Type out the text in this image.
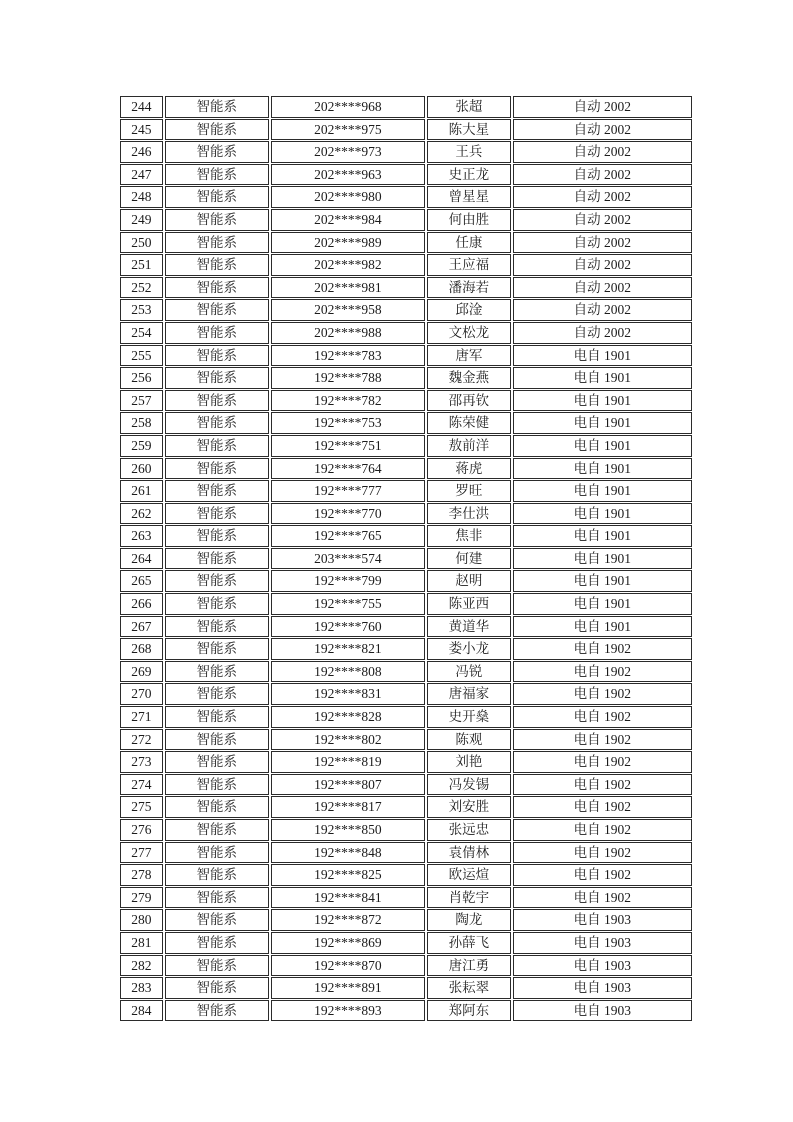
244	智能系	202****968	张超	自动 2002
245	智能系	202****975	陈大星	自动 2002
246	智能系	202****973	王兵	自动 2002
247	智能系	202****963	史正龙	自动 2002
248	智能系	202****980	曾星星	自动 2002
249	智能系	202****984	何由胜	自动 2002
250	智能系	202****989	任康	自动 2002
251	智能系	202****982	王应福	自动 2002
252	智能系	202****981	潘海若	自动 2002
253	智能系	202****958	邱淦	自动 2002
254	智能系	202****988	文松龙	自动 2002
255	智能系	192****783	唐军	电自 1901
256	智能系	192****788	魏金燕	电自 1901
257	智能系	192****782	邵再钦	电自 1901
258	智能系	192****753	陈荣健	电自 1901
259	智能系	192****751	敖前洋	电自 1901
260	智能系	192****764	蒋虎	电自 1901
261	智能系	192****777	罗旺	电自 1901
262	智能系	192****770	李仕洪	电自 1901
263	智能系	192****765	焦非	电自 1901
264	智能系	203****574	何建	电自 1901
265	智能系	192****799	赵明	电自 1901
266	智能系	192****755	陈亚西	电自 1901
267	智能系	192****760	黄道华	电自 1901
268	智能系	192****821	娄小龙	电自 1902
269	智能系	192****808	冯锐	电自 1902
270	智能系	192****831	唐福家	电自 1902
271	智能系	192****828	史开燊	电自 1902
272	智能系	192****802	陈观	电自 1902
273	智能系	192****819	刘艳	电自 1902
274	智能系	192****807	冯发锡	电自 1902
275	智能系	192****817	刘安胜	电自 1902
276	智能系	192****850	张远忠	电自 1902
277	智能系	192****848	袁倩林	电自 1902
278	智能系	192****825	欧运煊	电自 1902
279	智能系	192****841	肖乾宇	电自 1902
280	智能系	192****872	陶龙	电自 1903
281	智能系	192****869	孙薛飞	电自 1903
282	智能系	192****870	唐江勇	电自 1903
283	智能系	192****891	张耘翠	电自 1903
284	智能系	192****893	郑阿东	电自 1903
